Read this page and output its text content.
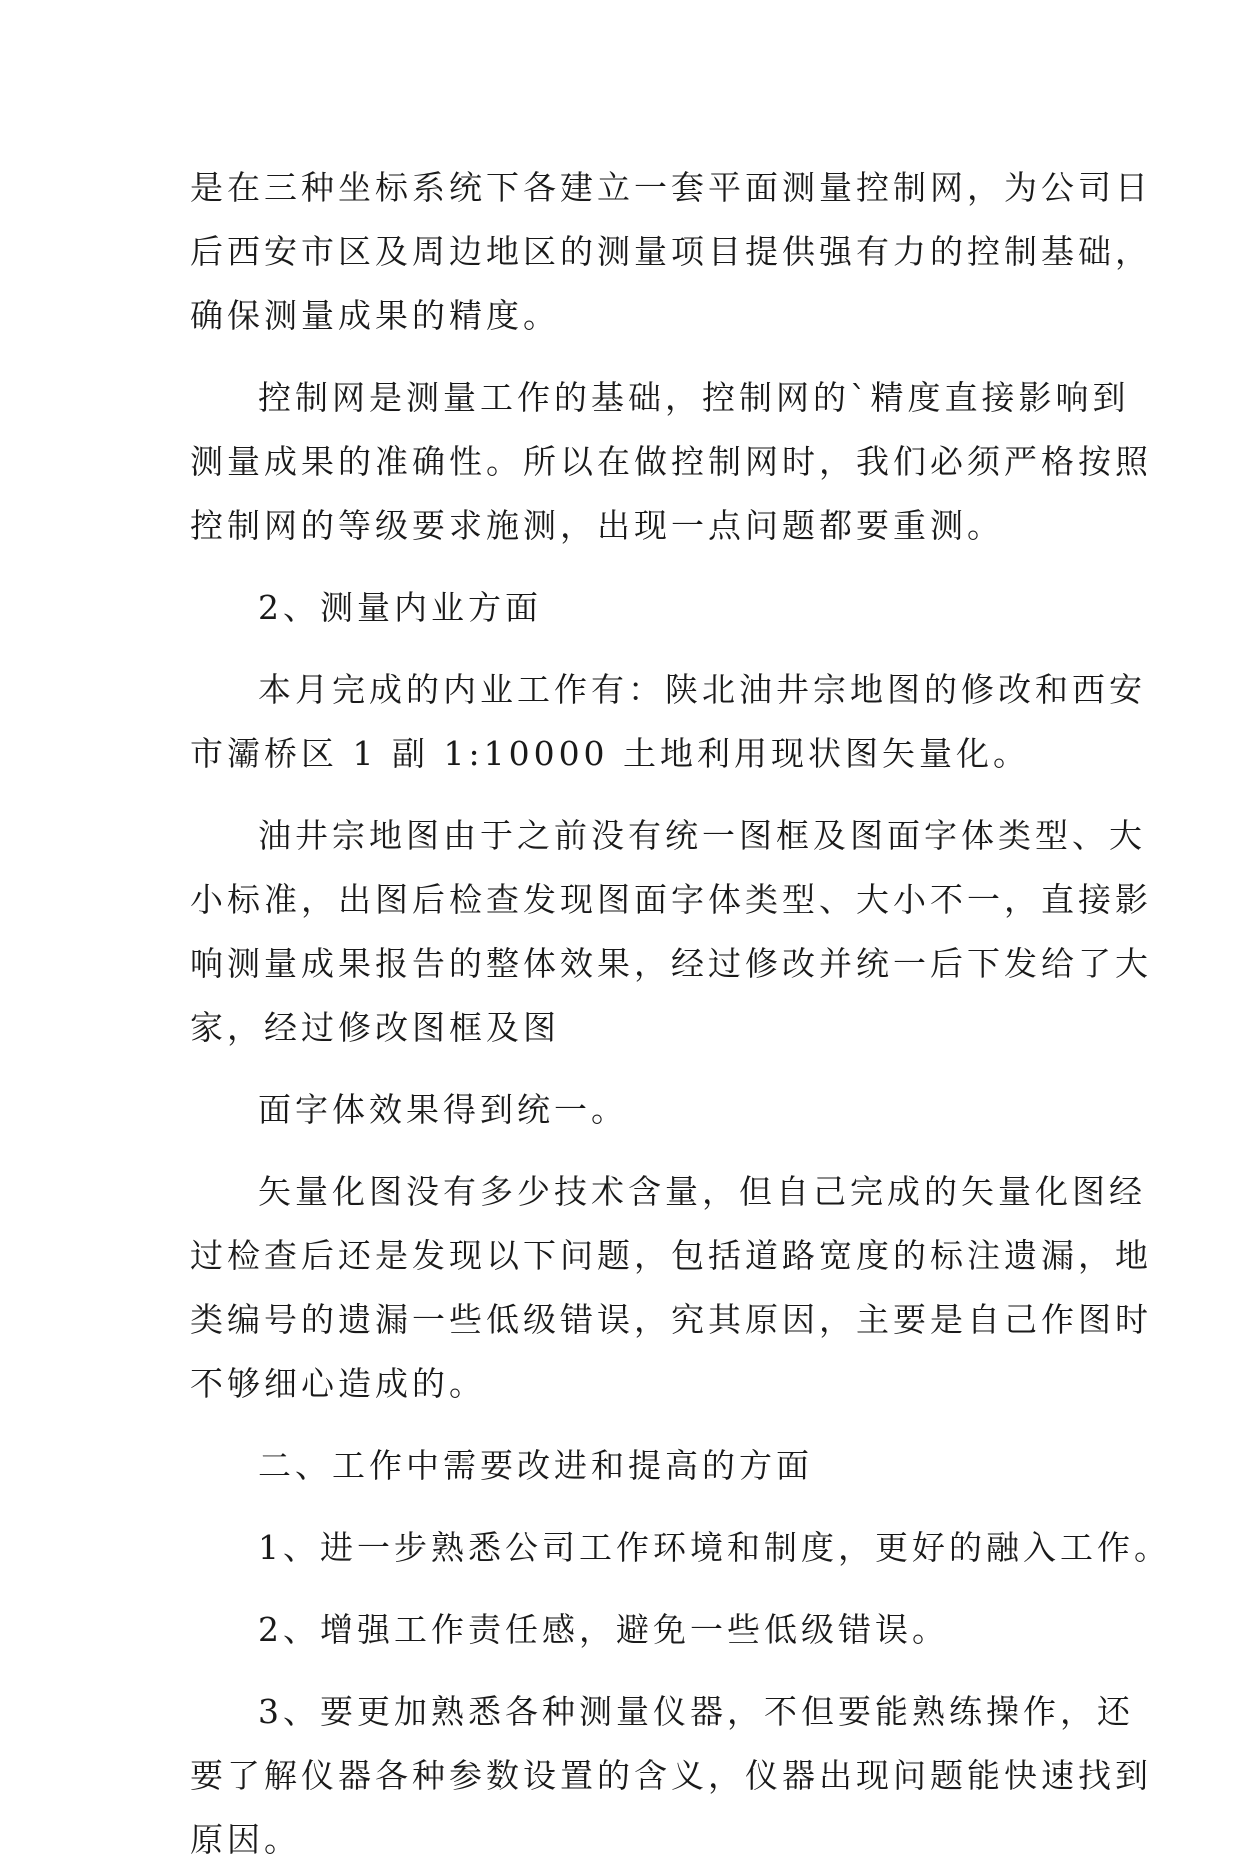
是在三种坐标系统下各建立一套平面测量控制网，为公司日
后西安市区及周边地区的测量项目提供强有力的控制基础，
确保测量成果的精度。
控制网是测量工作的基础，控制网的`精度直接影响到
测量成果的准确性。所以在做控制网时，我们必须严格按照
控制网的等级要求施测，出现一点问题都要重测。
2、测量内业方面
本月完成的内业工作有：陕北油井宗地图的修改和西安
市灞桥区 1 副 1:10000 土地利用现状图矢量化。
油井宗地图由于之前没有统一图框及图面字体类型、大
小标准，出图后检查发现图面字体类型、大小不一，直接影
响测量成果报告的整体效果，经过修改并统一后下发给了大
家，经过修改图框及图
面字体效果得到统一。
矢量化图没有多少技术含量，但自己完成的矢量化图经
过检查后还是发现以下问题，包括道路宽度的标注遗漏，地
类编号的遗漏一些低级错误，究其原因，主要是自己作图时
不够细心造成的。
二、工作中需要改进和提高的方面
1、进一步熟悉公司工作环境和制度，更好的融入工作。
2、增强工作责任感，避免一些低级错误。
3、要更加熟悉各种测量仪器，不但要能熟练操作，还
要了解仪器各种参数设置的含义，仪器出现问题能快速找到
原因。
